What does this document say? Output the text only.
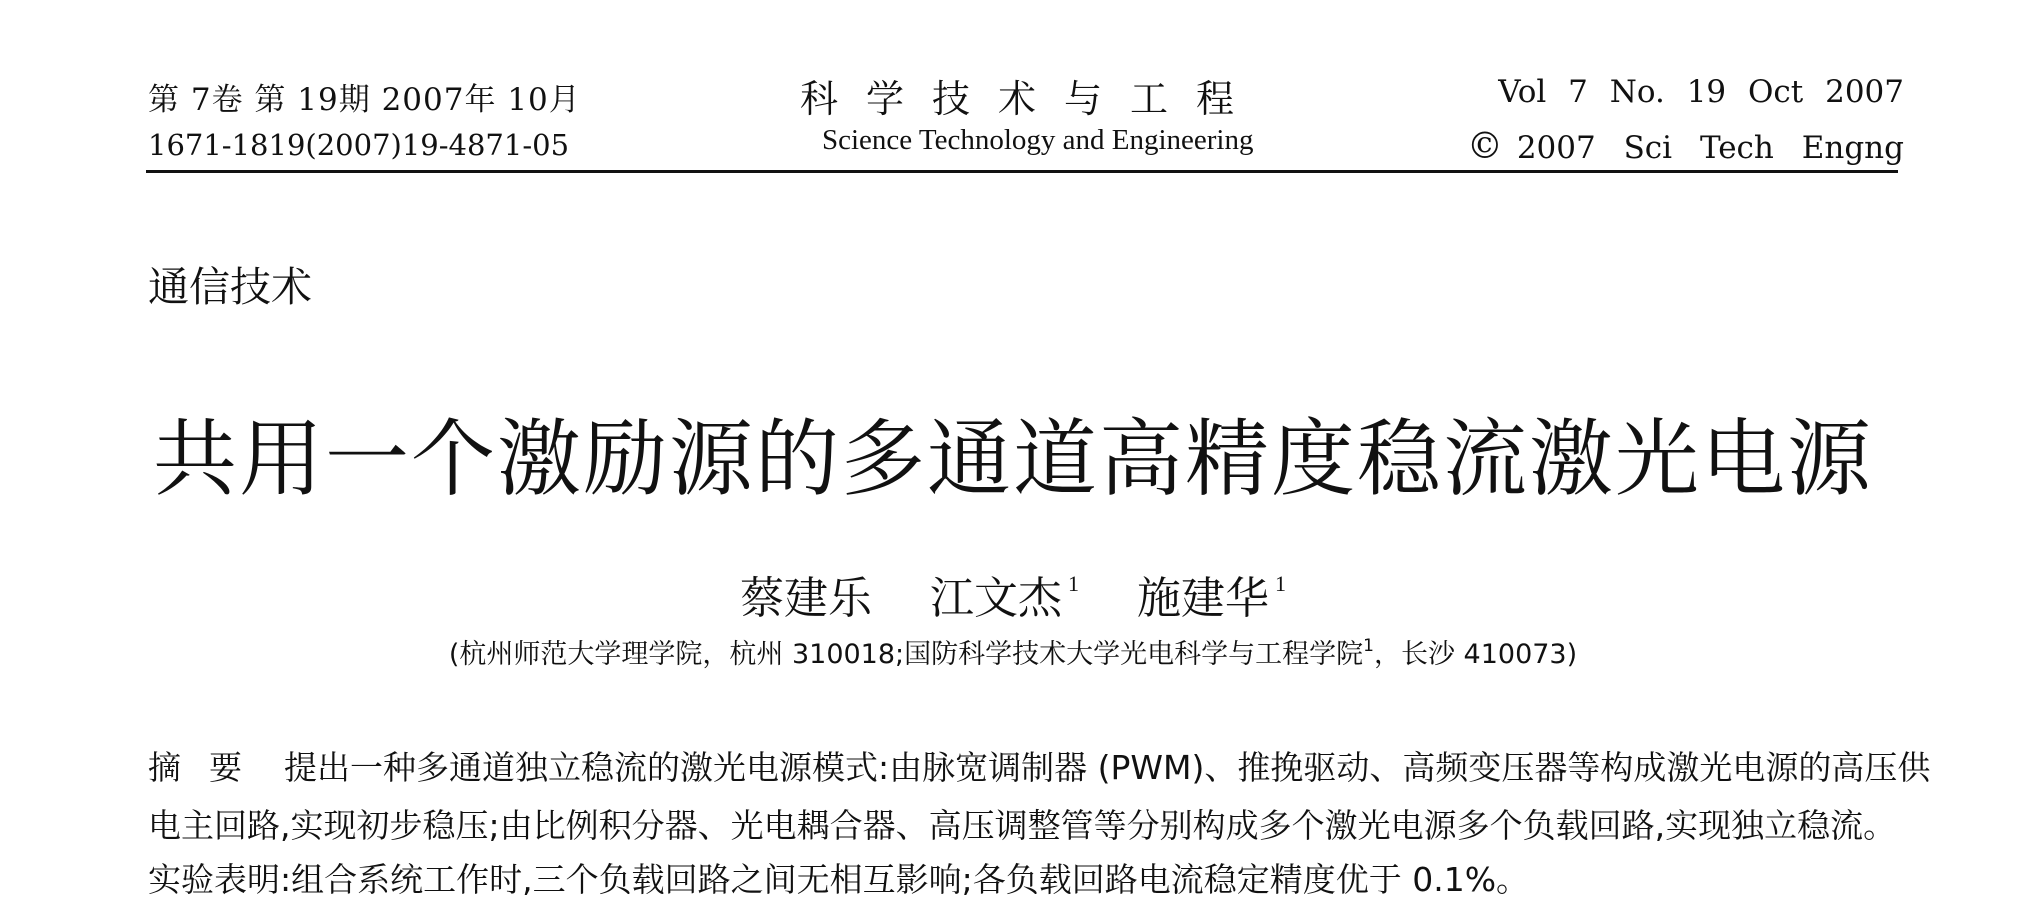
第 7卷 第 19期 2007年 10月
1671-1819(2007)19-4871-05
科学技术与工程
Science Technology and Engineering
Vol 7 No. 19 Oct 2007
© 2007 Sci Tech Engng
通信技术
共用一个激励源的多通道高精度稳流激光电源
蔡建乐 江文杰 $^1$ 施建华 $^1$
(杭州师范大学理学院，杭州 310018;国防科学技术大学光电科学与工程学院$^1$，长沙 410073)
摘要 提出一种多通道独立稳流的激光电源模式:由脉宽调制器 (PWM)、推挽驱动、高频变压器等构成激光电源的高压供
电主回路,实现初步稳压;由比例积分器、光电耦合器、高压调整管等分别构成多个激光电源多个负载回路,实现独立稳流。
实验表明:组合系统工作时,三个负载回路之间无相互影响;各负载回路电流稳定精度优于 0.1%。
